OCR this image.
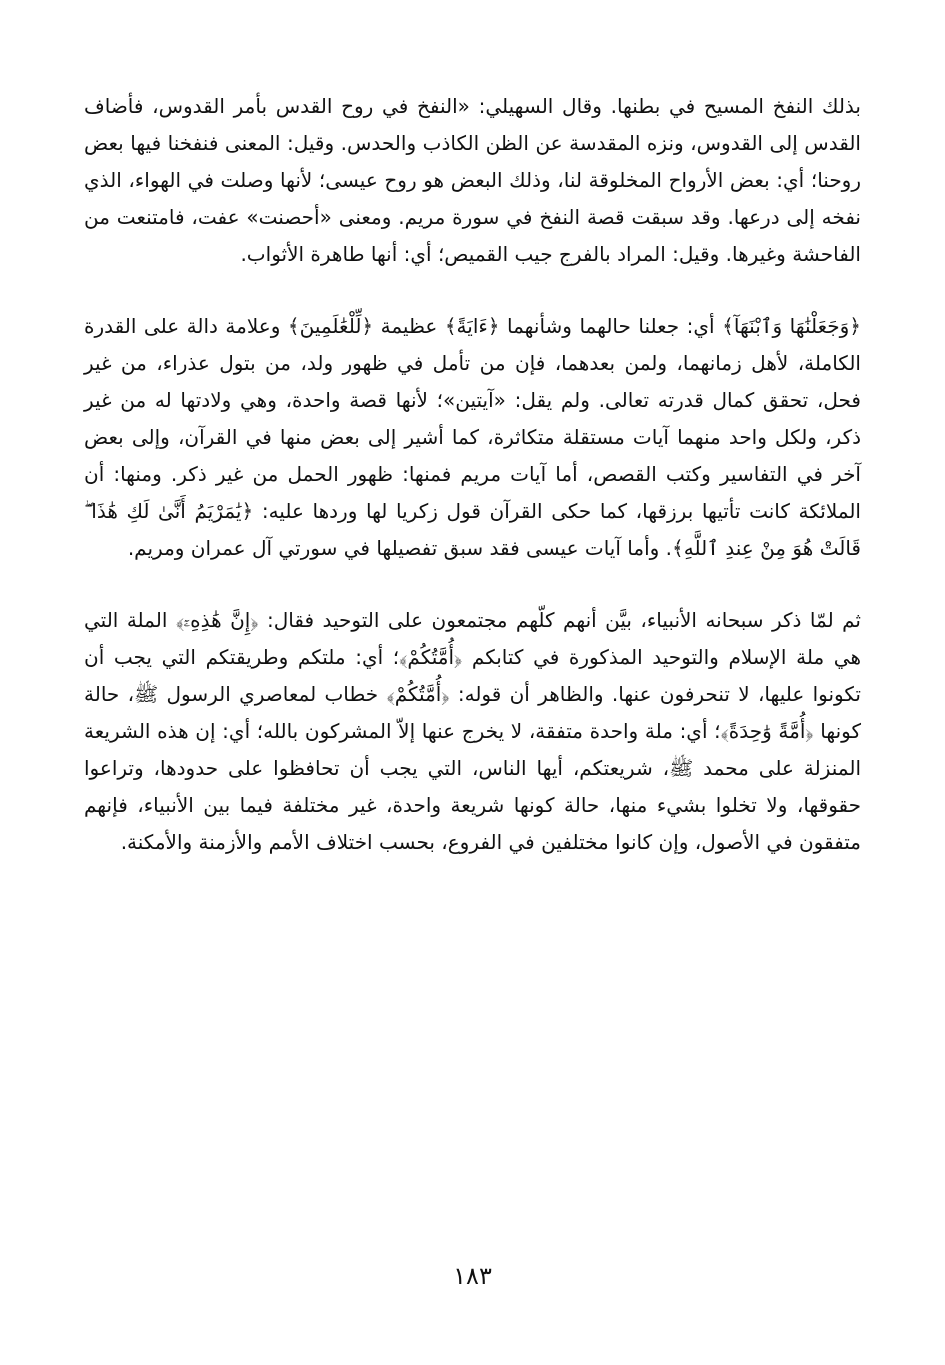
بذلك النفخ المسيح في بطنها. وقال السهيلي: «النفخ في روح القدس بأمر القدوس، فأضاف القدس إلى القدوس، ونزه المقدسة عن الظن الكاذب والحدس. وقيل: المعنى فنفخنا فيها بعض روحنا؛ أي: بعض الأرواح المخلوقة لنا، وذلك البعض هو روح عيسى؛ لأنها وصلت في الهواء، الذي نفخه إلى درعها. وقد سبقت قصة النفخ في سورة مريم. ومعنى «أحصنت» عفت، فامتنعت من الفاحشة وغيرها. وقيل: المراد بالفرج جيب القميص؛ أي: أنها طاهرة الأثواب.

﴿وَجَعَلْنَٰهَا وَٱبْنَهَآ﴾ أي: جعلنا حالهما وشأنهما ﴿ءَايَةً﴾ عظيمة ﴿لِّلْعَٰلَمِينَ﴾ وعلامة دالة على القدرة الكاملة، لأهل زمانهما، ولمن بعدهما، فإن من تأمل في ظهور ولد، من بتول عذراء، من غير فحل، تحقق كمال قدرته تعالى. ولم يقل: «آيتين»؛ لأنها قصة واحدة، وهي ولادتها له من غير ذكر، ولكل واحد منهما آيات مستقلة متكاثرة، كما أشير إلى بعض منها في القرآن، وإلى بعض آخر في التفاسير وكتب القصص، أما آيات مريم فمنها: ظهور الحمل من غير ذكر. ومنها: أن الملائكة كانت تأتيها برزقها، كما حكى القرآن قول زكريا لها وردها عليه: ﴿يَٰمَرْيَمُ أَنَّىٰ لَكِ هَٰذَا ۖ قَالَتْ هُوَ مِنْ عِندِ ٱللَّهِ﴾. وأما آيات عيسى فقد سبق تفصيلها في سورتي آل عمران ومريم.

ثم لمّا ذكر سبحانه الأنبياء، بيَّن أنهم كلّهم مجتمعون على التوحيد فقال: ﴿إِنَّ هَٰذِهِۦٓ﴾ الملة التي هي ملة الإسلام والتوحيد المذكورة في كتابكم ﴿أُمَّتُكُمْ﴾؛ أي: ملتكم وطريقتكم التي يجب أن تكونوا عليها، لا تنحرفون عنها. والظاهر أن قوله: ﴿أُمَّتُكُمْ﴾ خطاب لمعاصري الرسول ﷺ، حالة كونها ﴿أُمَّةً وَٰحِدَةً﴾؛ أي: ملة واحدة متفقة، لا يخرج عنها إلاّ المشركون بالله؛ أي: إن هذه الشريعة المنزلة على محمد ﷺ، شريعتكم، أيها الناس، التي يجب أن تحافظوا على حدودها، وتراعوا حقوقها، ولا تخلوا بشيء منها، حالة كونها شريعة واحدة، غير مختلفة فيما بين الأنبياء، فإنهم متفقون في الأصول، وإن كانوا مختلفين في الفروع، بحسب اختلاف الأمم والأزمنة والأمكنة.

١٨٣
